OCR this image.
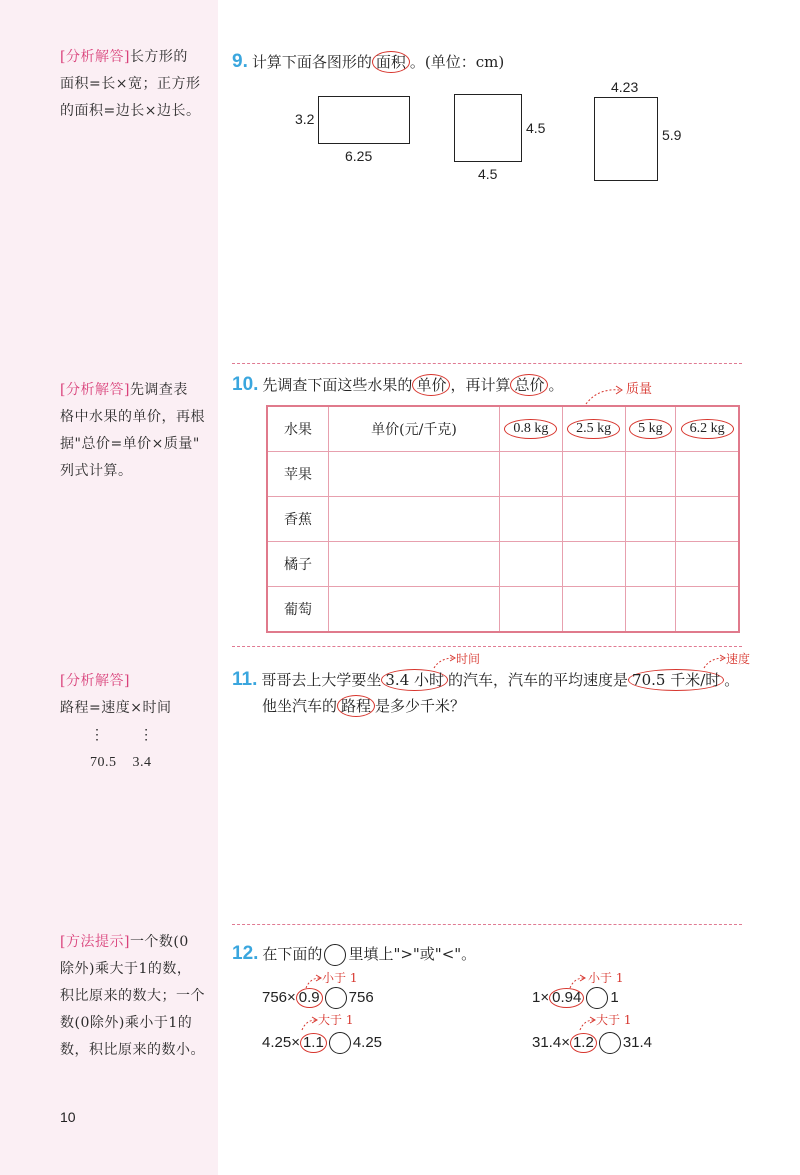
[分析解答]长方形的
面积=长×宽；正方形
的面积=边长×边长。
[分析解答]先调查表
格中水果的单价，再根
据"总价=单价×质量"
列式计算。
[分析解答]
路程=速度×时间
⋮       ⋮
70.5    3.4
[方法提示]一个数(0
除外)乘大于1的数，
积比原来的数大；一个
数(0除外)乘小于1的
数，积比原来的数小。
9. 计算下面各图形的 面积 。(单位：cm)
3.2
6.25
4.5
4.5
4.23
5.9
10. 先调查下面这些水果的 单价 ，再计算 总价 。	质量
水果	单价(元/千克)	0.8 kg	2.5 kg	5 kg	6.2 kg
苹果					
香蕉					
橘子					
葡萄					
时间	速度
11. 哥哥去上大学要坐 3.4 小时 的汽车，汽车的平均速度是 70.5 千米/时 。
他坐汽车的 路程 是多少千米？
12. 在下面的 里填上">"或"<"。
小于 1
756× 0.9 756
小于 1
1× 0.94 1
大于 1
4.25× 1.1 4.25
大于 1
31.4× 1.2 31.4
10
